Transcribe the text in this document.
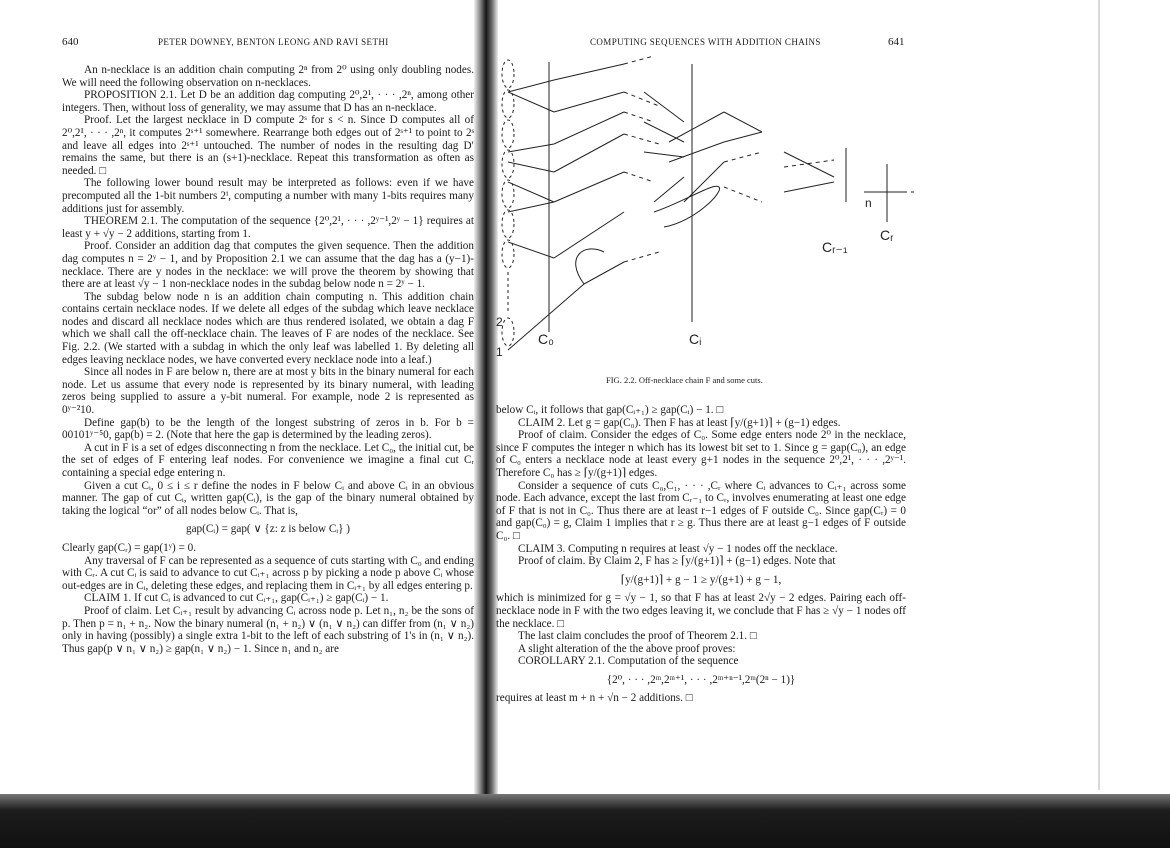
640	PETER DOWNEY, BENTON LEONG AND RAVI SETHI

An n-necklace is an addition chain computing 2ⁿ from 2⁰ using only doubling nodes. We will need the following observation on n-necklaces.

PROPOSITION 2.1. Let D be an addition dag computing 2⁰,2¹, · · · ,2ⁿ, among other integers. Then, without loss of generality, we may assume that D has an n-necklace.

Proof. Let the largest necklace in D compute 2ˢ for s < n. Since D computes all of 2⁰,2¹, · · · ,2ⁿ, it computes 2ˢ⁺¹ somewhere. Rearrange both edges out of 2ˢ⁺¹ to point to 2ˢ and leave all edges into 2ˢ⁺¹ untouched. The number of nodes in the resulting dag D′ remains the same, but there is an (s+1)-necklace. Repeat this transformation as often as needed. □

The following lower bound result may be interpreted as follows: even if we have precomputed all the 1-bit numbers 2ⁱ, computing a number with many 1-bits requires many additions just for assembly.

THEOREM 2.1. The computation of the sequence {2⁰,2¹, · · · ,2ʸ⁻¹,2ʸ − 1} requires at least y + √y − 2 additions, starting from 1.

Proof. Consider an addition dag that computes the given sequence. Then the addition dag computes n = 2ʸ − 1, and by Proposition 2.1 we can assume that the dag has a (y−1)-necklace. There are y nodes in the necklace: we will prove the theorem by showing that there are at least √y − 1 non-necklace nodes in the subdag below node n = 2ʸ − 1.

The subdag below node n is an addition chain computing n. This addition chain contains certain necklace nodes. If we delete all edges of the subdag which leave necklace nodes and discard all necklace nodes which are thus rendered isolated, we obtain a dag F which we shall call the off-necklace chain. The leaves of F are nodes of the necklace. See Fig. 2.2. (We started with a subdag in which the only leaf was labelled 1. By deleting all edges leaving necklace nodes, we have converted every necklace node into a leaf.)

Since all nodes in F are below n, there are at most y bits in the binary numeral for each node. Let us assume that every node is represented by its binary numeral, with leading zeros being supplied to assure a y-bit numeral. For example, node 2 is represented as 0ʸ⁻²10.

Define gap(b) to be the length of the longest substring of zeros in b. For b = 00101ʸ⁻⁵0, gap(b) = 2. (Note that here the gap is determined by the leading zeros).

A cut in F is a set of edges disconnecting n from the necklace. Let C₀, the initial cut, be the set of edges of F entering leaf nodes. For convenience we imagine a final cut Cᵣ containing a special edge entering n.

Given a cut Cᵢ, 0 ≤ i ≤ r define the nodes in F below Cᵢ and above Cᵢ in an obvious manner. The gap of cut Cᵢ, written gap(Cᵢ), is the gap of the binary numeral obtained by taking the logical “or” of all nodes below Cᵢ. That is,

gap(Cᵢ) = gap( ∨ {z: z is below Cᵢ} )

Clearly gap(Cᵣ) = gap(1ʸ) = 0.

Any traversal of F can be represented as a sequence of cuts starting with C₀ and ending with Cᵣ. A cut Cᵢ is said to advance to cut Cᵢ₊₁ across p by picking a node p above Cᵢ whose out-edges are in Cᵢ, deleting these edges, and replacing them in Cᵢ₊₁ by all edges entering p.

CLAIM 1. If cut Cᵢ is advanced to cut Cᵢ₊₁, gap(Cᵢ₊₁) ≥ gap(Cᵢ) − 1.

Proof of claim. Let Cᵢ₊₁ result by advancing Cᵢ across node p. Let n₁, n₂ be the sons of p. Then p = n₁ + n₂. Now the binary numeral (n₁ + n₂) ∨ (n₁ ∨ n₂) can differ from (n₁ ∨ n₂) only in having (possibly) a single extra 1-bit to the left of each substring of 1's in (n₁ ∨ n₂). Thus gap(p ∨ n₁ ∨ n₂) ≥ gap(n₁ ∨ n₂) − 1. Since n₁ and n₂ are

COMPUTING SEQUENCES WITH ADDITION CHAINS	641
C₀	Cᵢ
Cᵣ₋₁
Cᵣ
n
2
1
FIG. 2.2. Off-necklace chain F and some cuts.

below Cᵢ, it follows that gap(Cᵢ₊₁) ≥ gap(Cᵢ) − 1. □

CLAIM 2. Let g = gap(C₀). Then F has at least ⌈y/(g+1)⌉ + (g−1) edges.

Proof of claim. Consider the edges of C₀. Some edge enters node 2⁰ in the necklace, since F computes the integer n which has its lowest bit set to 1. Since g = gap(C₀), an edge of C₀ enters a necklace node at least every g+1 nodes in the sequence 2⁰,2¹, · · · ,2ʸ⁻¹. Therefore C₀ has ≥ ⌈y/(g+1)⌉ edges.

Consider a sequence of cuts C₀,C₁, · · · ,Cᵣ where Cᵢ advances to Cᵢ₊₁ across some node. Each advance, except the last from Cᵣ₋₁ to Cᵣ, involves enumerating at least one edge of F that is not in C₀. Thus there are at least r−1 edges of F outside C₀. Since gap(Cᵣ) = 0 and gap(C₀) = g, Claim 1 implies that r ≥ g. Thus there are at least g−1 edges of F outside C₀. □

CLAIM 3. Computing n requires at least √y − 1 nodes off the necklace.

Proof of claim. By Claim 2, F has ≥ ⌈y/(g+1)⌉ + (g−1) edges. Note that

⌈y/(g+1)⌉ + g − 1 ≥ y/(g+1) + g − 1,

which is minimized for g = √y − 1, so that F has at least 2√y − 2 edges. Pairing each off-necklace node in F with the two edges leaving it, we conclude that F has ≥ √y − 1 nodes off the necklace. □

The last claim concludes the proof of Theorem 2.1. □

A slight alteration of the the above proof proves:

COROLLARY 2.1. Computation of the sequence

{2⁰, · · · ,2ᵐ,2ᵐ⁺¹, · · · ,2ᵐ⁺ⁿ⁻¹,2ᵐ(2ⁿ − 1)}

requires at least m + n + √n − 2 additions. □
